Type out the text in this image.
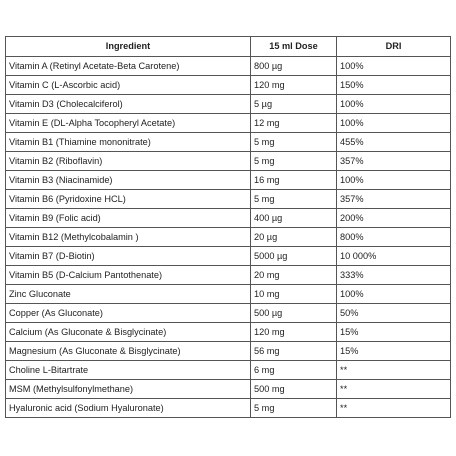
Ingredient	15 ml Dose	DRI
Vitamin A (Retinyl Acetate-Beta Carotene)	800 µg	100%
Vitamin C (L-Ascorbic acid)	120 mg	150%
Vitamin D3 (Cholecalciferol)	5 µg	100%
Vitamin E (DL-Alpha Tocopheryl Acetate)	12 mg	100%
Vitamin B1 (Thiamine mononitrate)	5 mg	455%
Vitamin B2 (Riboflavin)	5 mg	357%
Vitamin B3 (Niacinamide)	16 mg	100%
Vitamin B6 (Pyridoxine HCL)	5 mg	357%
Vitamin B9 (Folic acid)	400 µg	200%
Vitamin B12 (Methylcobalamin )	20 µg	800%
Vitamin B7 (D-Biotin)	5000 µg	10 000%
Vitamin B5 (D-Calcium Pantothenate)	20 mg	333%
Zinc Gluconate	10 mg	100%
Copper (As Gluconate)	500 µg	50%
Calcium (As Gluconate & Bisglycinate)	120 mg	15%
Magnesium (As Gluconate & Bisglycinate)	56 mg	15%
Choline L-Bitartrate	6 mg	**
MSM (Methylsulfonylmethane)	500 mg	**
Hyaluronic acid (Sodium Hyaluronate)	5 mg	**
